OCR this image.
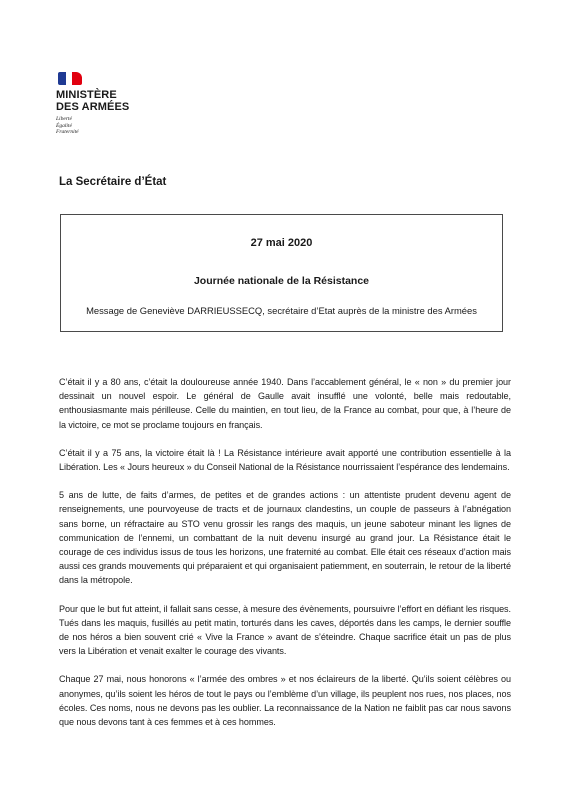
MINISTÈRE
DES ARMÉES
Liberté
Égalité
Fraternité
La Secrétaire d’État
27 mai 2020
Journée nationale de la Résistance
Message de Geneviève DARRIEUSSECQ, secrétaire d’Etat auprès de la ministre des Armées

C’était il y a 80 ans, c’était la douloureuse année 1940. Dans l’accablement général, le « non » du premier jour dessinait un nouvel espoir. Le général de Gaulle avait insufflé une volonté, belle mais redoutable, enthousiasmante mais périlleuse. Celle du maintien, en tout lieu, de la France au combat, pour que, à l’heure de la victoire, ce mot se proclame toujours en français.

C’était il y a 75 ans, la victoire était là ! La Résistance intérieure avait apporté une contribution essentielle à la Libération. Les « Jours heureux » du Conseil National de la Résistance nourrissaient l’espérance des lendemains.

5 ans de lutte, de faits d’armes, de petites et de grandes actions : un attentiste prudent devenu agent de renseignements, une pourvoyeuse de tracts et de journaux clandestins, un couple de passeurs à l’abnégation sans borne, un réfractaire au STO venu grossir les rangs des maquis, un jeune saboteur minant les lignes de communication de l’ennemi, un combattant de la nuit devenu insurgé au grand jour. La Résistance était le courage de ces individus issus de tous les horizons, une fraternité au combat. Elle était ces réseaux d’action mais aussi ces grands mouvements qui préparaient et qui organisaient patiemment, en souterrain, le retour de la liberté dans la métropole.

Pour que le but fut atteint, il fallait sans cesse, à mesure des évènements, poursuivre l’effort en défiant les risques. Tués dans les maquis, fusillés au petit matin, torturés dans les caves, déportés dans les camps, le dernier souffle de nos héros a bien souvent crié « Vive la France » avant de s’éteindre. Chaque sacrifice était un pas de plus vers la Libération et venait exalter le courage des vivants.

Chaque 27 mai, nous honorons « l’armée des ombres » et nos éclaireurs de la liberté. Qu’ils soient célèbres ou anonymes, qu’ils soient les héros de tout le pays ou l’emblème d’un village, ils peuplent nos rues, nos places, nos écoles. Ces noms, nous ne devons pas les oublier. La reconnaissance de la Nation ne faiblit pas car nous savons que nous devons tant à ces femmes et à ces hommes.
